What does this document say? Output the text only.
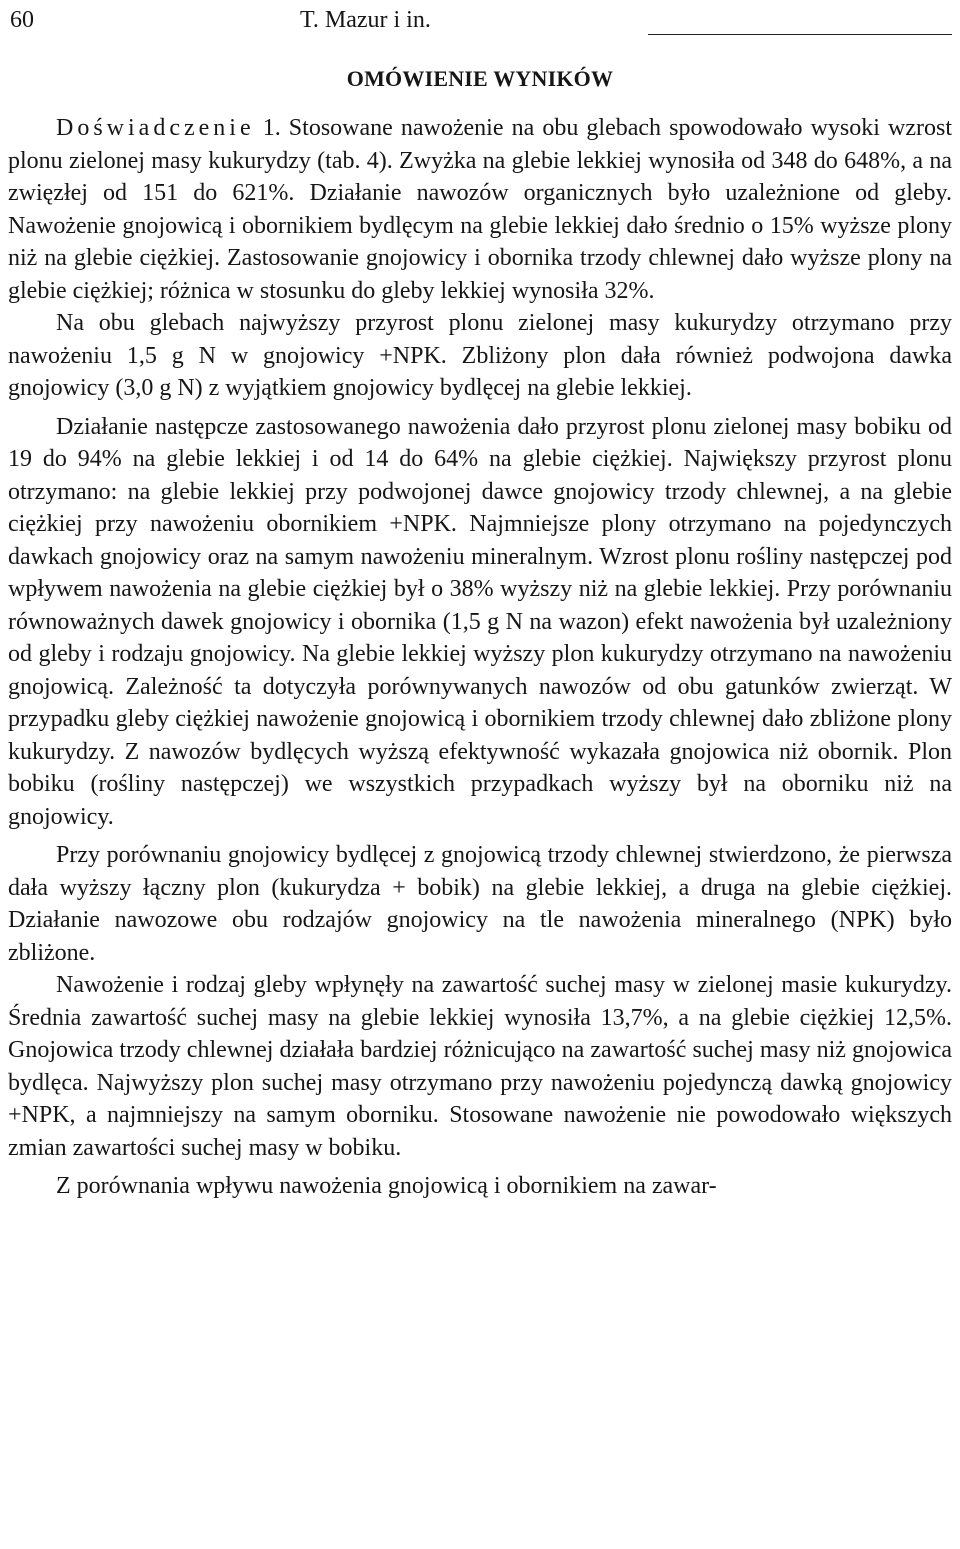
60	T. Mazur i in.
OMÓWIENIE WYNIKÓW

Doświadczenie 1. Stosowane nawożenie na obu glebach spowodowało wysoki wzrost plonu zielonej masy kukurydzy (tab. 4). Zwyżka na glebie lekkiej wynosiła od 348 do 648%, a na zwięzłej od 151 do 621%. Działanie nawozów organicznych było uzależnione od gleby. Nawożenie gnojowicą i obornikiem bydlęcym na glebie lekkiej dało średnio o 15% wyższe plony niż na glebie ciężkiej. Zastosowanie gnojowicy i obornika trzody chlewnej dało wyższe plony na glebie ciężkiej; różnica w stosunku do gleby lekkiej wynosiła 32%.

Na obu glebach najwyższy przyrost plonu zielonej masy kukurydzy otrzymano przy nawożeniu 1,5 g N w gnojowicy +NPK. Zbliżony plon dała również podwojona dawka gnojowicy (3,0 g N) z wyjątkiem gnojowicy bydlęcej na glebie lekkiej.

Działanie następcze zastosowanego nawożenia dało przyrost plonu zielonej masy bobiku od 19 do 94% na glebie lekkiej i od 14 do 64% na glebie ciężkiej. Największy przyrost plonu otrzymano: na glebie lekkiej przy podwojonej dawce gnojowicy trzody chlewnej, a na glebie ciężkiej przy nawożeniu obornikiem +NPK. Najmniejsze plony otrzymano na pojedynczych dawkach gnojowicy oraz na samym nawożeniu mineralnym. Wzrost plonu rośliny następczej pod wpływem nawożenia na glebie ciężkiej był o 38% wyższy niż na glebie lekkiej. Przy porównaniu równoważnych dawek gnojowicy i obornika (1,5 g N na wazon) efekt nawożenia był uzależniony od gleby i rodzaju gnojowicy. Na glebie lekkiej wyższy plon kukurydzy otrzymano na nawożeniu gnojowicą. Zależność ta dotyczyła porównywanych nawozów od obu gatunków zwierząt. W przypadku gleby ciężkiej nawożenie gnojowicą i obornikiem trzody chlewnej dało zbliżone plony kukurydzy. Z nawozów bydlęcych wyższą efektywność wykazała gnojowica niż obornik. Plon bobiku (rośliny następczej) we wszystkich przypadkach wyższy był na oborniku niż na gnojowicy.

Przy porównaniu gnojowicy bydlęcej z gnojowicą trzody chlewnej stwierdzono, że pierwsza dała wyższy łączny plon (kukurydza + bobik) na glebie lekkiej, a druga na glebie ciężkiej. Działanie nawozowe obu rodzajów gnojowicy na tle nawożenia mineralnego (NPK) było zbliżone.

Nawożenie i rodzaj gleby wpłynęły na zawartość suchej masy w zielonej masie kukurydzy. Średnia zawartość suchej masy na glebie lekkiej wynosiła 13,7%, a na glebie ciężkiej 12,5%. Gnojowica trzody chlewnej działała bardziej różnicująco na zawartość suchej masy niż gnojowica bydlęca. Najwyższy plon suchej masy otrzymano przy nawożeniu pojedynczą dawką gnojowicy +NPK, a najmniejszy na samym oborniku. Stosowane nawożenie nie powodowało większych zmian zawartości suchej masy w bobiku.

Z porównania wpływu nawożenia gnojowicą i obornikiem na zawar-
